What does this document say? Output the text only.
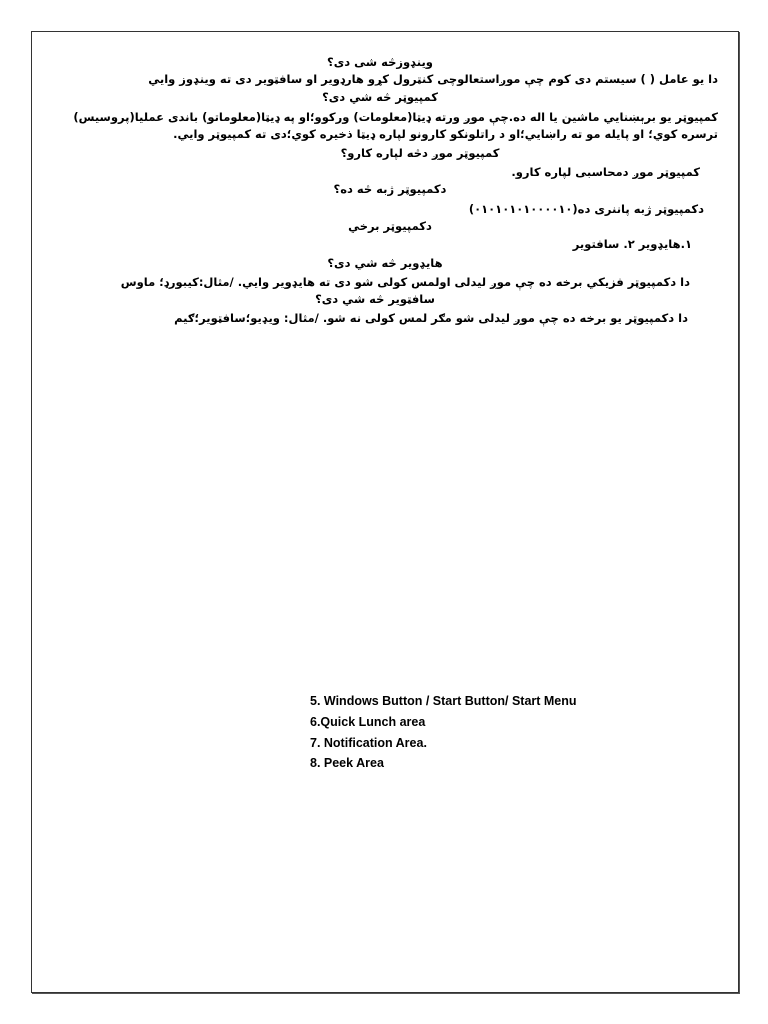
وينډوزڅه شی دی؟
دا یو عامل ( ) سیستم دی کوم چې موږاستعالوچی کنټرول کړو هارډویر او سافټویر دی ته وینډوز وایي
کمپیوټر څه شي دی؟
کمپیوټر یو برېښنايي ماشین یا اله ده.چې موږ ورته ډیټا(معلومات) ورکوو؛او په ډیټا(معلوماتو) باندی عملیا(پروسیس)
ترسره کوي؛ او پایله مو ته راښايي؛او د راتلونکو کارونو لپاره ډیټا ذخیره کوي؛دی ته کمپیوټر وايي.
کمپیوټر موږ دڅه لپاره کارو؟
کمپیوټر موږ دمحاسبی لپاره کارو.
دکمپیوټر ژبه څه ده؟
دکمپیوټر ژبه پاننری ده(۰۱۰۱۰۱۰۱۰۰۰۰۱۰)
دکمپیوټر برخي
۱.هایډویر ۲. سافتویر
هایډویر څه شي دی؟
دا دکمپیوټر فزیکي برخه ده چې موږ لیدلی اولمس کولی شو دی ته هایډویر وایي. /مثال:کیبورډ؛ ماوس
سافټویر څه شي دی؟
دا دکمپیوټر یو برخه ده چې موږ لیدلی شو مګر لمس کولی نه شو. /مثال: ویډیو؛سافټویر؛ګیم
5. Windows Button / Start Button/ Start Menu
6.Quick Lunch area
7. Notification Area.
8. Peek Area
